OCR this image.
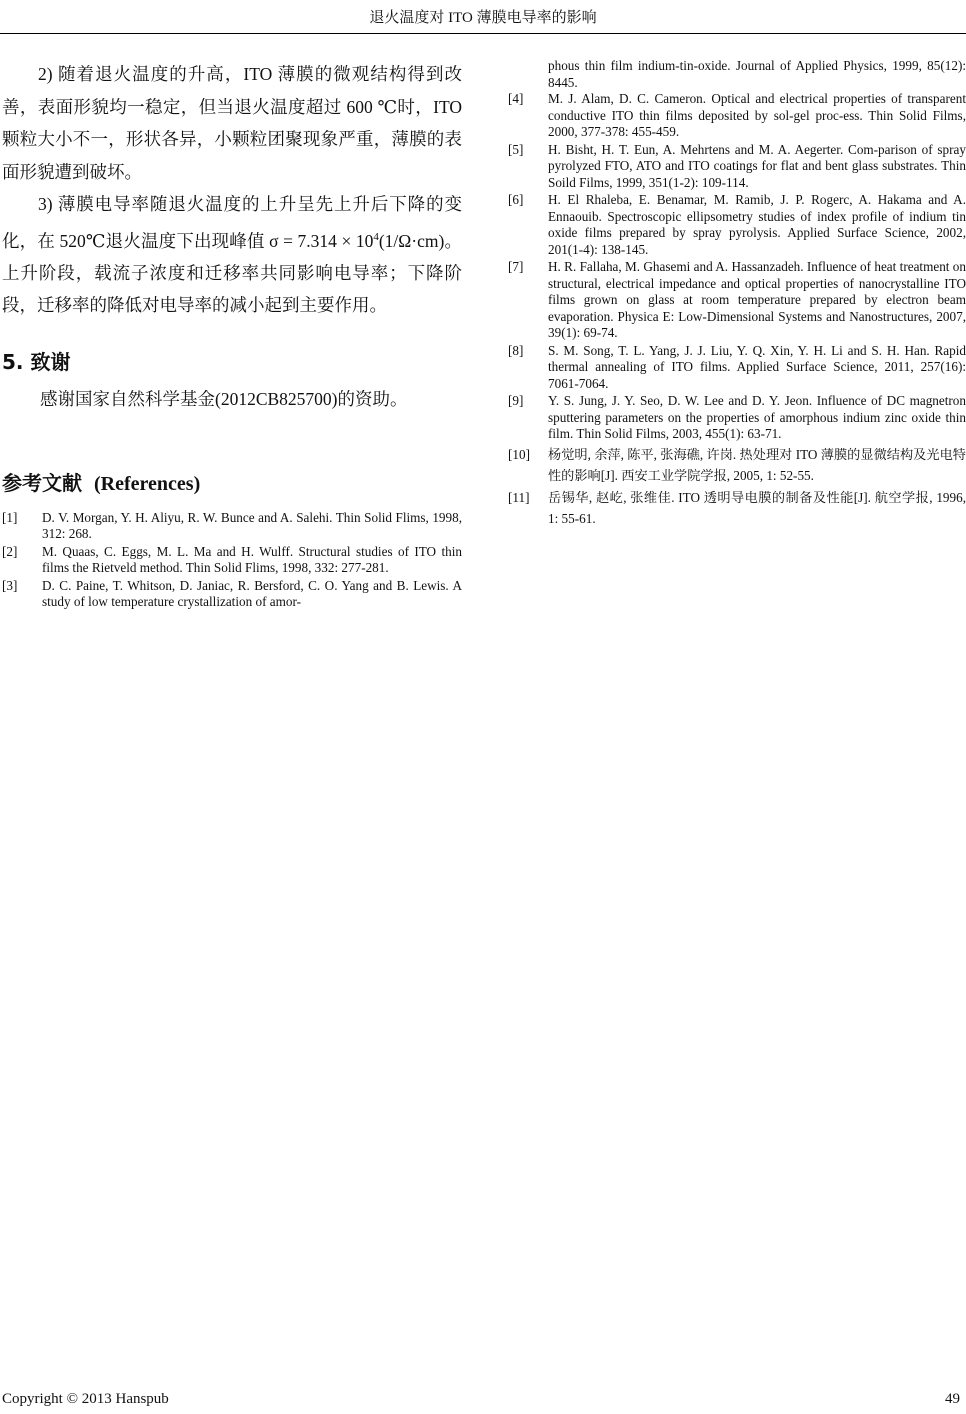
退火温度对 ITO 薄膜电导率的影响

2) 随着退火温度的升高，ITO 薄膜的微观结构得到改善，表面形貌均一稳定，但当退火温度超过 600 ℃时，ITO 颗粒大小不一，形状各异，小颗粒团聚现象严重，薄膜的表面形貌遭到破坏。

3) 薄膜电导率随退火温度的上升呈先上升后下降的变化，在 520℃退火温度下出现峰值 $\sigma = 7.314 \times 10^4(1/\Omega\cdot cm)$。上升阶段，载流子浓度和迁移率共同影响电导率；下降阶段，迁移率的降低对电导率的减小起到主要作用。

5. 致谢

感谢国家自然科学基金(2012CB825700)的资助。

参考文献 (References)
[1] D. V. Morgan, Y. H. Aliyu, R. W. Bunce and A. Salehi. Thin Solid Flims, 1998, 312: 268.
[2] M. Quaas, C. Eggs, M. L. Ma and H. Wulff. Structural studies of ITO thin films the Rietveld method. Thin Solid Flims, 1998, 332: 277-281.
[3] D. C. Paine, T. Whitson, D. Janiac, R. Bersford, C. O. Yang and B. Lewis. A study of low temperature crystallization of amor-
phous thin film indium-tin-oxide. Journal of Applied Physics, 1999, 85(12): 8445.
[4] M. J. Alam, D. C. Cameron. Optical and electrical properties of transparent conductive ITO thin films deposited by sol-gel proc-ess. Thin Solid Films, 2000, 377-378: 455-459.
[5] H. Bisht, H. T. Eun, A. Mehrtens and M. A. Aegerter. Com-parison of spray pyrolyzed FTO, ATO and ITO coatings for flat and bent glass substrates. Thin Soild Films, 1999, 351(1-2): 109-114.
[6] H. El Rhaleba, E. Benamar, M. Ramib, J. P. Rogerc, A. Hakama and A. Ennaouib. Spectroscopic ellipsometry studies of index profile of indium tin oxide films prepared by spray pyrolysis. Applied Surface Science, 2002, 201(1-4): 138-145.
[7] H. R. Fallaha, M. Ghasemi and A. Hassanzadeh. Influence of heat treatment on structural, electrical impedance and optical properties of nanocrystalline ITO films grown on glass at room temperature prepared by electron beam evaporation. Physica E: Low-Dimensional Systems and Nanostructures, 2007, 39(1): 69-74.
[8] S. M. Song, T. L. Yang, J. J. Liu, Y. Q. Xin, Y. H. Li and S. H. Han. Rapid thermal annealing of ITO films. Applied Surface Science, 2011, 257(16): 7061-7064.
[9] Y. S. Jung, J. Y. Seo, D. W. Lee and D. Y. Jeon. Influence of DC magnetron sputtering parameters on the properties of amorphous indium zinc oxide thin film. Thin Solid Films, 2003, 455(1): 63-71.
[10] 杨觉明, 余萍, 陈平, 张海礁, 许岗. 热处理对 ITO 薄膜的显微结构及光电特性的影响[J]. 西安工业学院学报, 2005, 1: 52-55.
[11] 岳锡华, 赵屹, 张维佳. ITO 透明导电膜的制备及性能[J]. 航空学报, 1996, 1: 55-61.
Copyright © 2013 Hanspub	49
